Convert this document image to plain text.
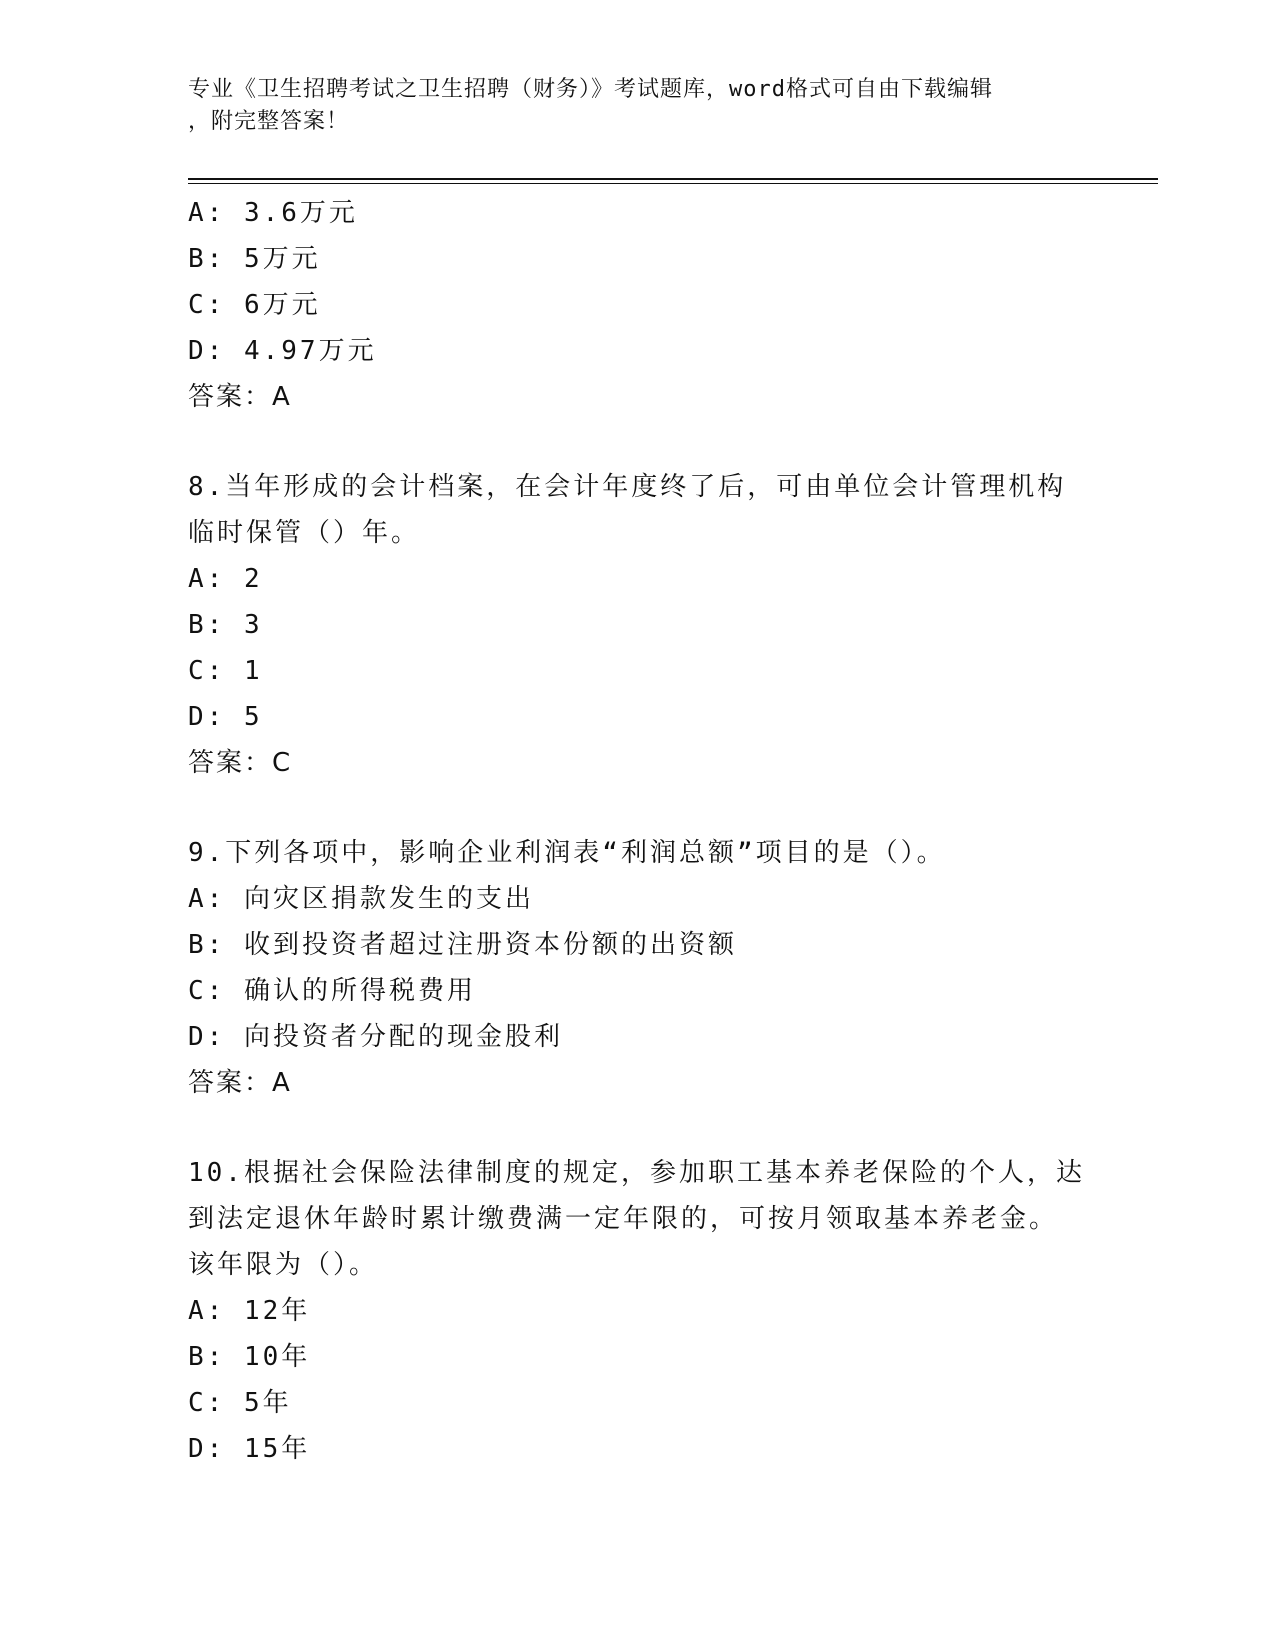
专业《卫生招聘考试之卫生招聘（财务）》考试题库，word格式可自由下载编辑
，附完整答案！
A: 3.6万元
B: 5万元
C: 6万元
D: 4.97万元
答案：A
8.当年形成的会计档案，在会计年度终了后，可由单位会计管理机构
临时保管（）年。
A: 2
B: 3
C: 1
D: 5
答案：C
9.下列各项中，影响企业利润表“利润总额”项目的是（）。
A: 向灾区捐款发生的支出
B: 收到投资者超过注册资本份额的出资额
C: 确认的所得税费用
D: 向投资者分配的现金股利
答案：A
10.根据社会保险法律制度的规定，参加职工基本养老保险的个人，达
到法定退休年龄时累计缴费满一定年限的，可按月领取基本养老金。
该年限为（）。
A: 12年
B: 10年
C: 5年
D: 15年
